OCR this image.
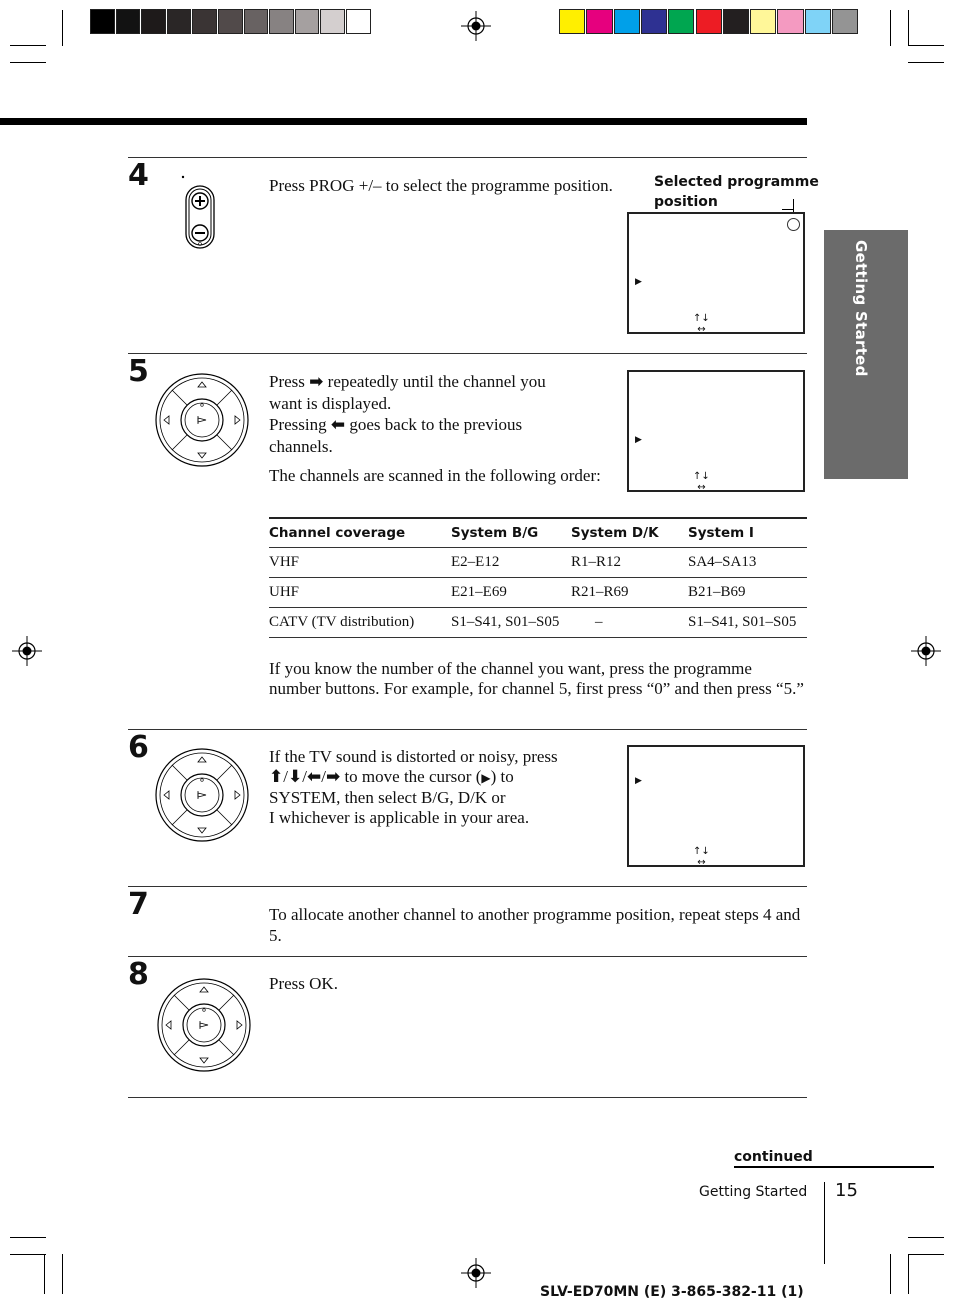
Getting Started
4	Press PROG +/– to select the programme position.	Selected programme
position
▶
↑↓
↔
5	Press ➡ repeatedly until the channel you
want is displayed.
Pressing ⬅ goes back to the previous
channels.
The channels are scanned in the following order:
▶
↑↓
↔
Channel coverage	System B/G	System D/K	System I
VHF	E2–E12	R1–R12	SA4–SA13
UHF	E21–E69	R21–R69	B21–B69
CATV (TV distribution)	S1–S41, S01–S05	–	S1–S41, S01–S05
If you know the number of the channel you want, press the programme number buttons. For example, for channel 5, first press “0” and then press “5.”
6	If the TV sound is distorted or noisy, press
⬆/⬇/⬅/➡ to move the cursor (▶) to
SYSTEM, then select B/G, D/K or
I whichever is applicable in your area.
▶
↑↓
↔
7	To allocate another channel to another programme position, repeat steps 4 and 5.
8	Press OK.
continued
Getting Started 15
SLV-ED70MN (E) 3-865-382-11 (1)
